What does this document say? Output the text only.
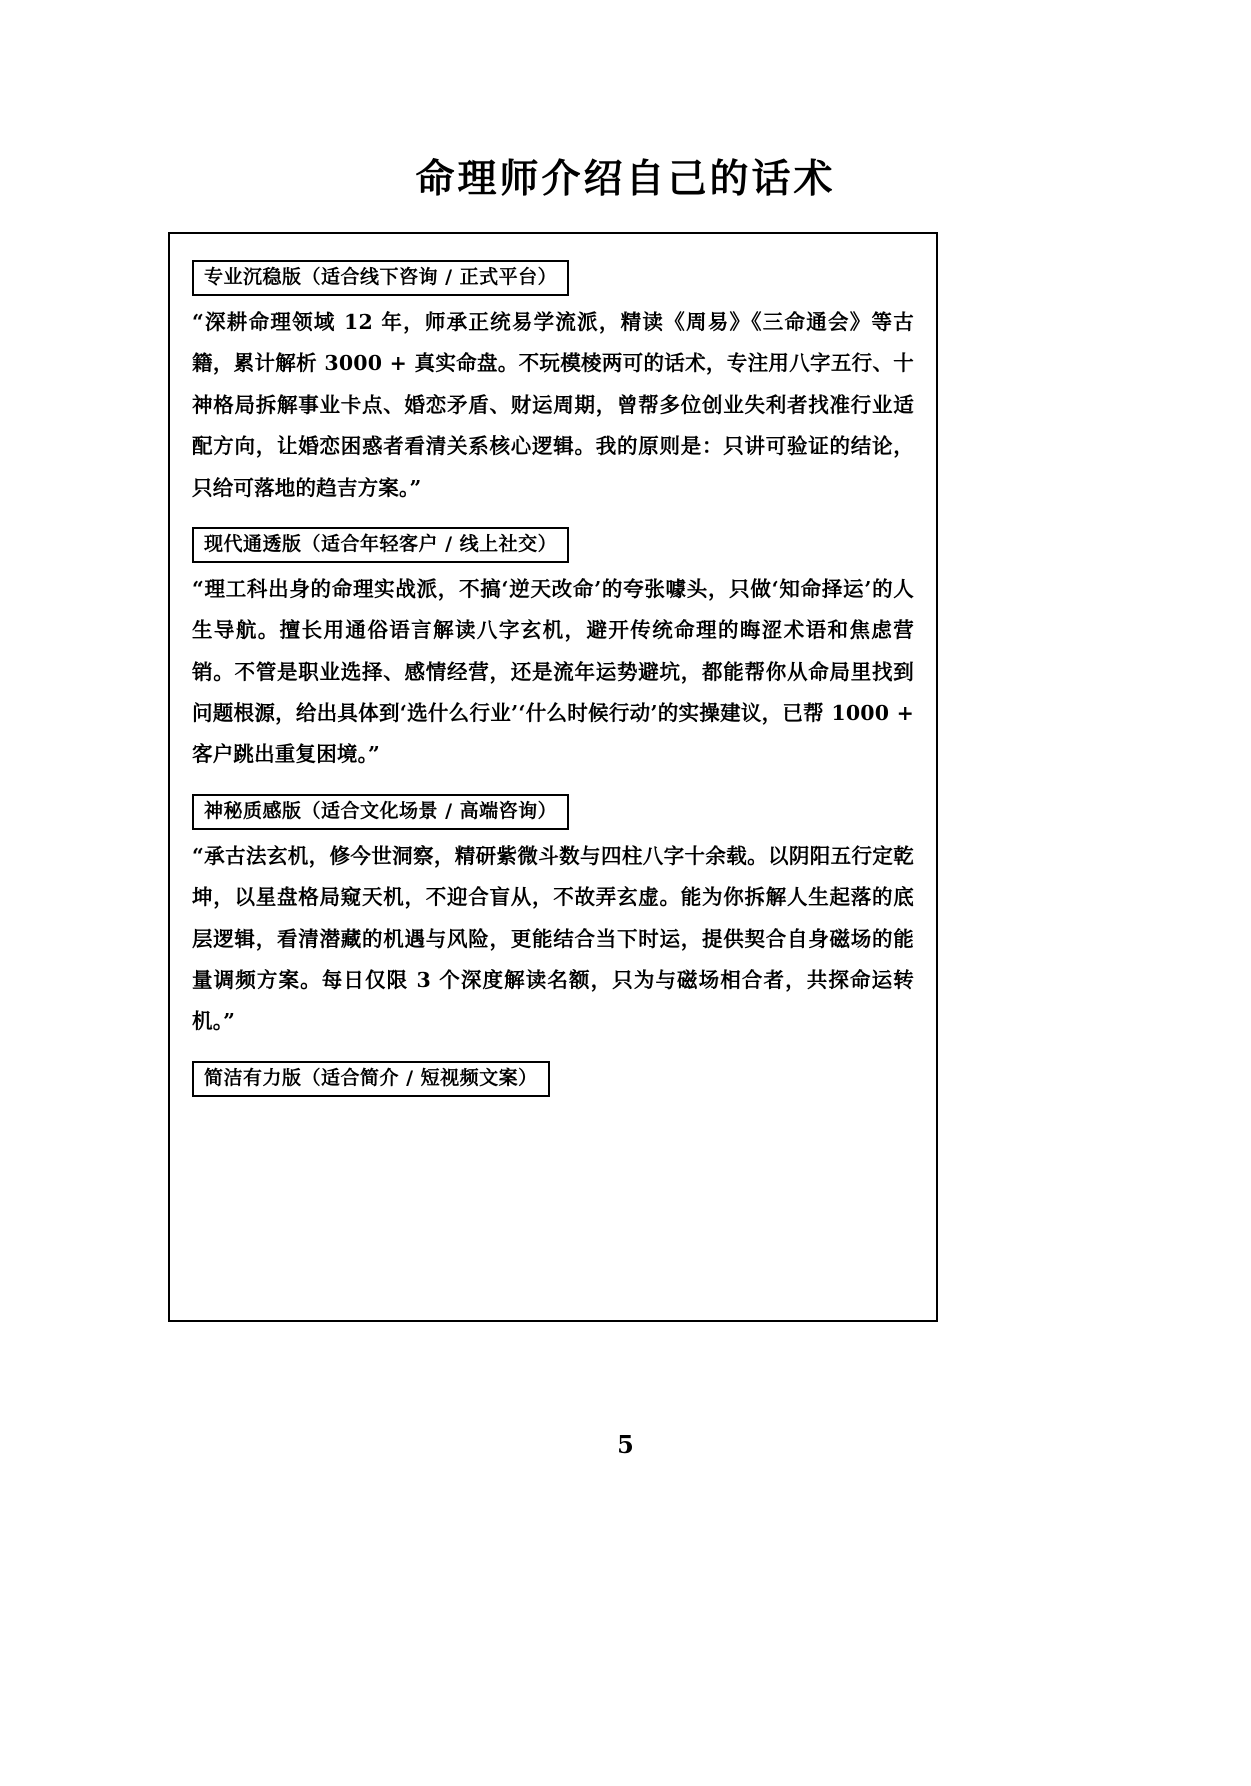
命理师介绍自己的话术
专业沉稳版（适合线下咨询 / 正式平台）

“深耕命理领域 12 年，师承正统易学流派，精读《周易》《三命通会》等古籍，累计解析 3000 + 真实命盘。不玩模棱两可的话术，专注用八字五行、十神格局拆解事业卡点、婚恋矛盾、财运周期，曾帮多位创业失利者找准行业适配方向，让婚恋困惑者看清关系核心逻辑。我的原则是：只讲可验证的结论，只给可落地的趋吉方案。”

现代通透版（适合年轻客户 / 线上社交）

“理工科出身的命理实战派，不搞‘逆天改命’的夸张噱头，只做‘知命择运’的人生导航。擅长用通俗语言解读八字玄机，避开传统命理的晦涩术语和焦虑营销。不管是职业选择、感情经营，还是流年运势避坑，都能帮你从命局里找到问题根源，给出具体到‘选什么行业’‘什么时候行动’的实操建议，已帮 1000 + 客户跳出重复困境。”

神秘质感版（适合文化场景 / 高端咨询）

“承古法玄机，修今世洞察，精研紫微斗数与四柱八字十余载。以阴阳五行定乾坤，以星盘格局窥天机，不迎合盲从，不故弄玄虚。能为你拆解人生起落的底层逻辑，看清潜藏的机遇与风险，更能结合当下时运，提供契合自身磁场的能量调频方案。每日仅限 3 个深度解读名额，只为与磁场相合者，共探命运转机。”

简洁有力版（适合简介 / 短视频文案）

5
